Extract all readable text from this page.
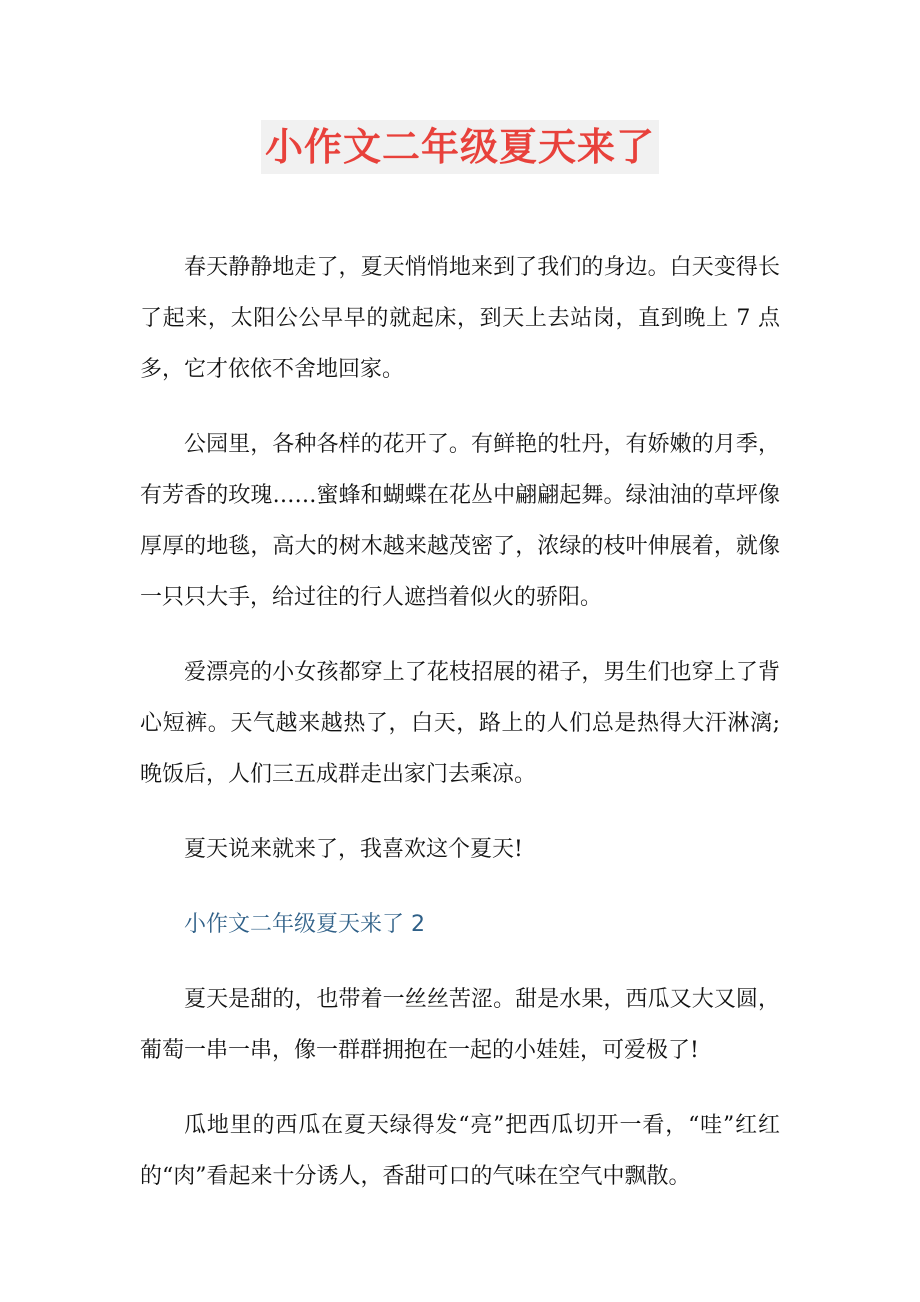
小作文二年级夏天来了

春天静静地走了，夏天悄悄地来到了我们的身边。白天变得长了起来，太阳公公早早的就起床，到天上去站岗，直到晚上 7 点多，它才依依不舍地回家。

公园里，各种各样的花开了。有鲜艳的牡丹，有娇嫩的月季，有芳香的玫瑰……蜜蜂和蝴蝶在花丛中翩翩起舞。绿油油的草坪像厚厚的地毯，高大的树木越来越茂密了，浓绿的枝叶伸展着，就像一只只大手，给过往的行人遮挡着似火的骄阳。

爱漂亮的小女孩都穿上了花枝招展的裙子，男生们也穿上了背心短裤。天气越来越热了，白天，路上的人们总是热得大汗淋漓;晚饭后，人们三五成群走出家门去乘凉。

夏天说来就来了，我喜欢这个夏天!

小作文二年级夏天来了 2

夏天是甜的，也带着一丝丝苦涩。甜是水果，西瓜又大又圆，葡萄一串一串，像一群群拥抱在一起的小娃娃，可爱极了!

瓜地里的西瓜在夏天绿得发“亮”把西瓜切开一看，“哇”红红的“肉”看起来十分诱人，香甜可口的气味在空气中飘散。
